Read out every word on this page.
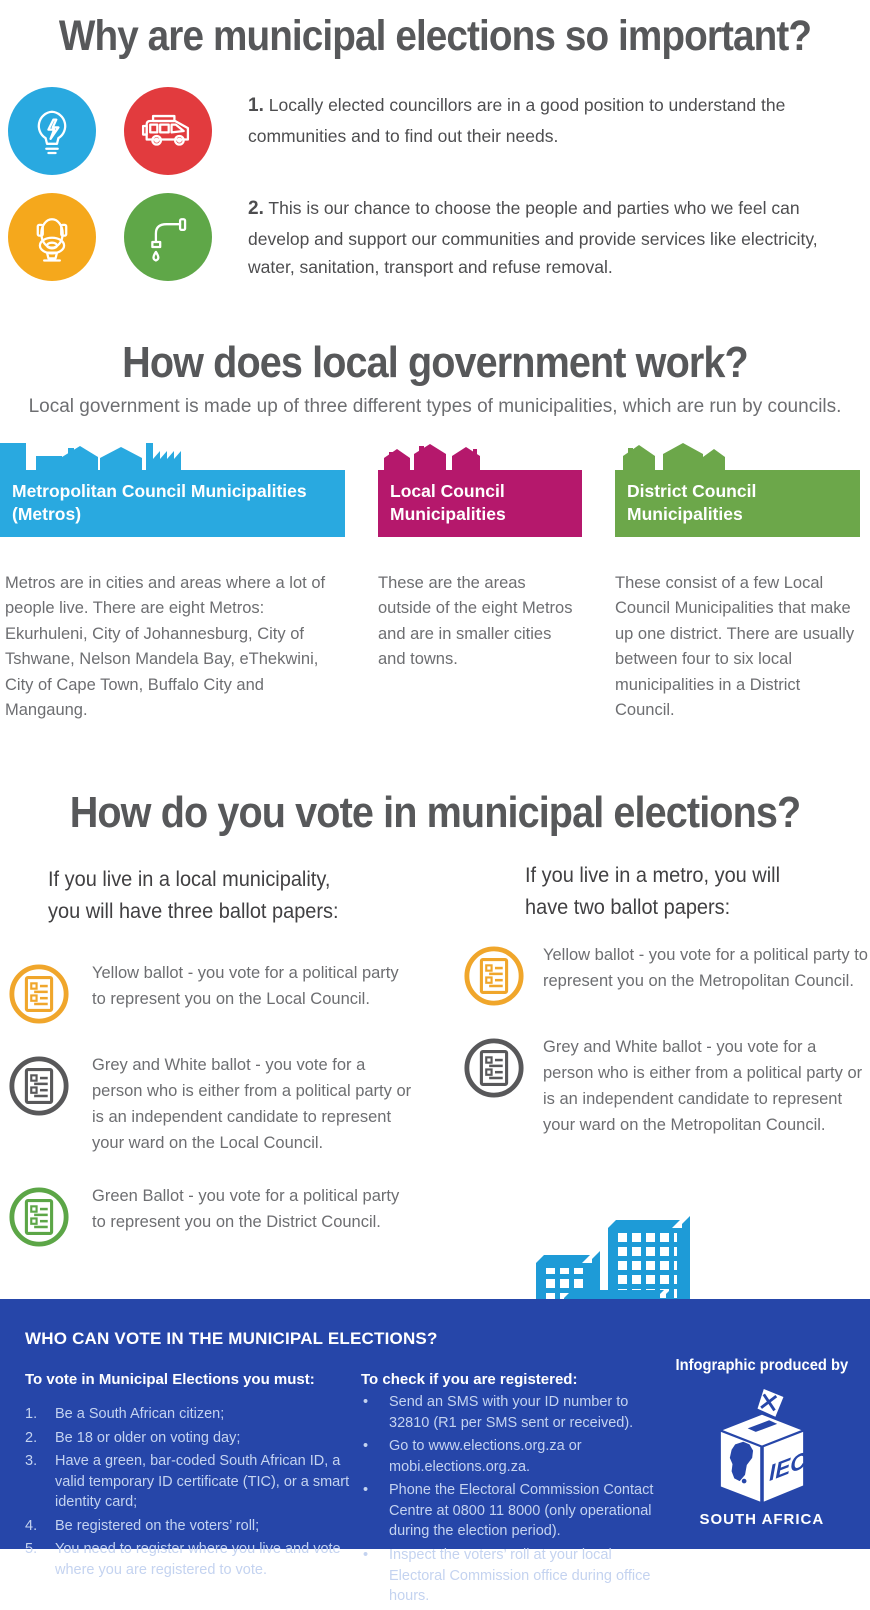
Why are municipal elections so important?

1. Locally elected councillors are in a good position to understand the communities and to find out their needs.

2. This is our chance to choose the people and parties who we feel can develop and support our communities and provide services like electricity, water, sanitation, transport and refuse removal.

How does local government work?

Local government is made up of three different types of municipalities, which are run by councils.

Metropolitan Council Municipalities
(Metros)

Metros are in cities and areas where a lot of people live. There are eight Metros: Ekurhuleni, City of Johannesburg, City of Tshwane, Nelson Mandela Bay, eThekwini, City of Cape Town, Buffalo City and Mangaung.

Local Council
Municipalities

These are the areas outside of the eight Metros and are in smaller cities and towns.

District Council
Municipalities

These consist of a few Local Council Municipalities that make up one district. There are usually between four to six local municipalities in a District Council.

How do you vote in municipal elections?
If you live in a local municipality,
you will have three ballot papers:
Yellow ballot - you vote for a political party to represent you on the Local Council.
Grey and White ballot - you vote for a person who is either from a political party or is an independent candidate to represent your ward on the Local Council.
Green Ballot - you vote for a political party to represent you on the District Council.
If you live in a metro, you will
have two ballot papers:
Yellow ballot - you vote for a political party to represent you on the Metropolitan Council.
Grey and White ballot - you vote for a person who is either from a political party or is an independent candidate to represent your ward on the Metropolitan Council.
WHO CAN VOTE IN THE MUNICIPAL ELECTIONS?
To vote in Municipal Elections you must:
1.	Be a South African citizen;
2.	Be 18 or older on voting day;
3.	Have a green, bar-coded South African ID, a valid temporary ID certificate (TIC), or a smart identity card;
4.	Be registered on the voters’ roll;
5.	You need to register where you live and vote where you are registered to vote.
To check if you are registered:
•	Send an SMS with your ID number to 32810 (R1 per SMS sent or received).
•	Go to www.elections.org.za or mobi.elections.org.za.
•	Phone the Electoral Commission Contact Centre at 0800 11 8000 (only operational during the election period).
•	Inspect the voters’ roll at your local Electoral Commission office during office hours.
Infographic produced by
IEC
SOUTH AFRICA
